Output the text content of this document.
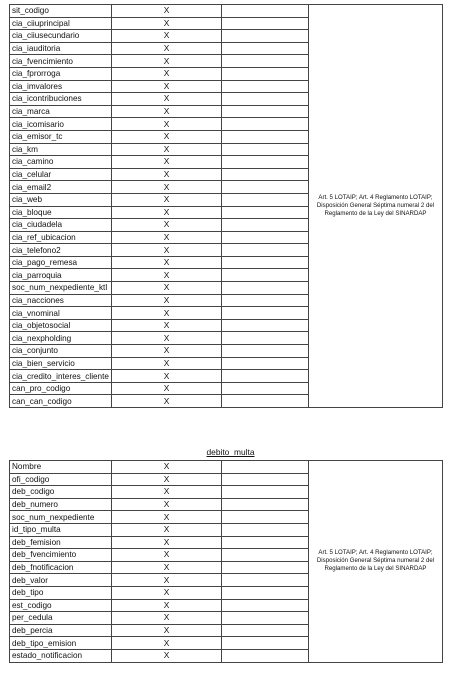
sit_codigo	X		Art. 5 LOTAIP; Art. 4 Reglamento LOTAIP; Disposición General Séptima numeral 2 del Reglamento de la Ley del SINARDAP
cia_ciiuprincipal	X		
cia_ciiusecundario	X		
cia_iauditoria	X		
cia_fvencimiento	X		
cia_fprorroga	X		
cia_imvalores	X		
cia_icontribuciones	X		
cia_marca	X		
cia_icomisario	X		
cia_emisor_tc	X		
cia_km	X		
cia_camino	X		
cia_celular	X		
cia_email2	X		
cia_web	X		
cia_bloque	X		
cia_ciudadela	X		
cia_ref_ubicacion	X		
cia_telefono2	X		
cia_pago_remesa	X		
cia_parroquia	X		
soc_num_nexpediente_ktl	X		
cia_nacciones	X		
cia_vnominal	X		
cia_objetosocial	X		
cia_nexpholding	X		
cia_conjunto	X		
cia_bien_servicio	X		
cia_credito_interes_cliente	X		
can_pro_codigo	X		
can_can_codigo	X		
debito_multa
Nombre	X		Art. 5 LOTAIP; Art. 4 Reglamento LOTAIP; Disposición General Séptima numeral 2 del Reglamento de la Ley del SINARDAP
ofi_codigo	X		
deb_codigo	X		
deb_numero	X		
soc_num_nexpediente	X		
id_tipo_multa	X		
deb_femision	X		
deb_fvencimiento	X		
deb_fnotificacion	X		
deb_valor	X		
deb_tipo	X		
est_codigo	X		
per_cedula	X		
deb_percia	X		
deb_tipo_emision	X		
estado_notificacion	X		
